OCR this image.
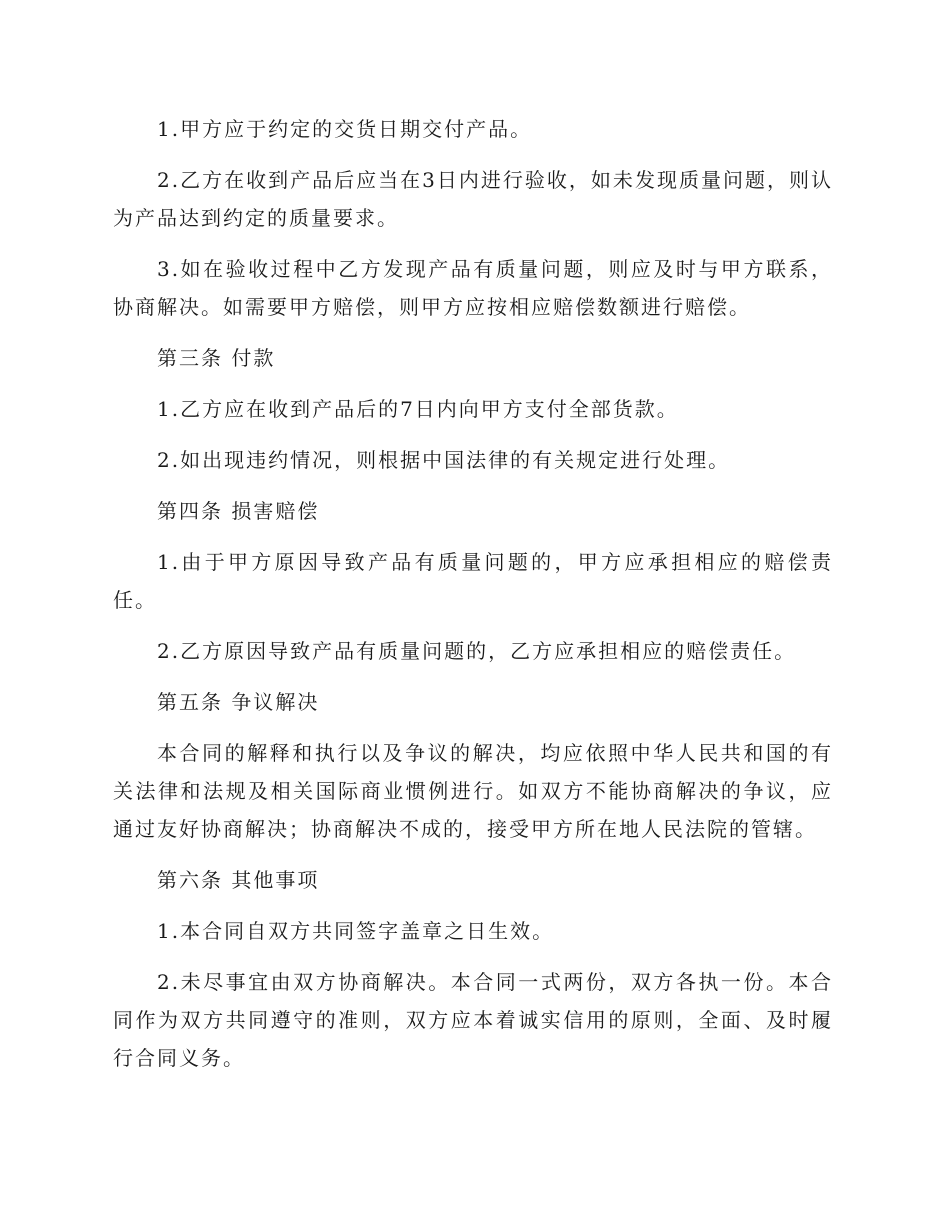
1.甲方应于约定的交货日期交付产品。

2.乙方在收到产品后应当在3日内进行验收，如未发现质量问题，则认为产品达到约定的质量要求。

3.如在验收过程中乙方发现产品有质量问题，则应及时与甲方联系，协商解决。如需要甲方赔偿，则甲方应按相应赔偿数额进行赔偿。

第三条 付款

1.乙方应在收到产品后的7日内向甲方支付全部货款。

2.如出现违约情况，则根据中国法律的有关规定进行处理。

第四条 损害赔偿

1.由于甲方原因导致产品有质量问题的，甲方应承担相应的赔偿责任。

2.乙方原因导致产品有质量问题的，乙方应承担相应的赔偿责任。

第五条 争议解决

本合同的解释和执行以及争议的解决，均应依照中华人民共和国的有关法律和法规及相关国际商业惯例进行。如双方不能协商解决的争议，应通过友好协商解决；协商解决不成的，接受甲方所在地人民法院的管辖。

第六条 其他事项

1.本合同自双方共同签字盖章之日生效。

2.未尽事宜由双方协商解决。本合同一式两份，双方各执一份。本合同作为双方共同遵守的准则，双方应本着诚实信用的原则，全面、及时履行合同义务。
